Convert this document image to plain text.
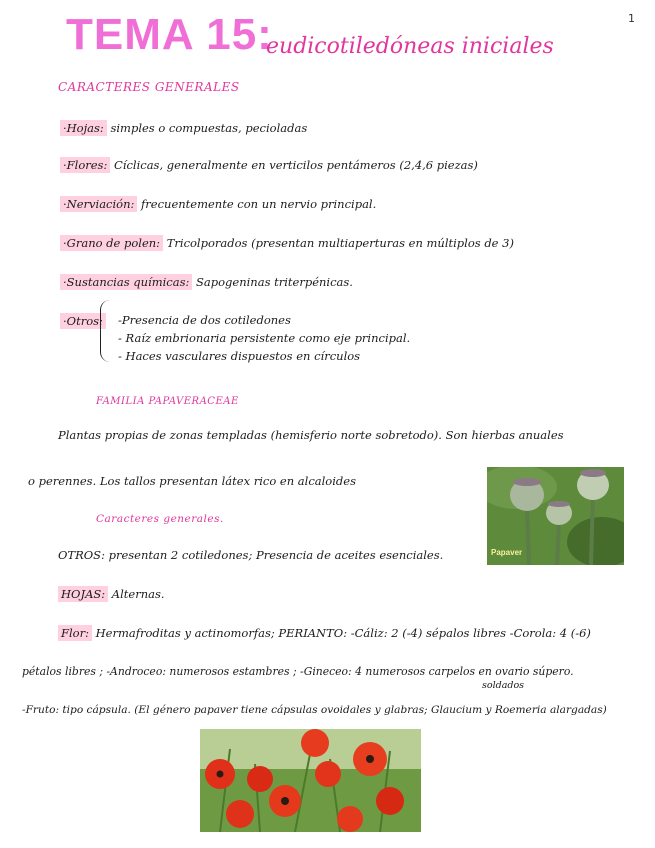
1
TEMA 15:
eudicotiledóneas iniciales
CARACTERES GENERALES
·Hojas: simples o compuestas, pecioladas
·Flores: Cíclicas, generalmente en verticilos pentámeros (2,4,6 piezas)
·Nerviación: frecuentemente con un nervio principal.
·Grano de polen: Tricolporados (presentan multiaperturas en múltiplos de 3)
·Sustancias químicas: Sapogeninas triterpénicas.
·Otros: -Presencia de dos cotiledones
- Raíz embrionaria persistente como eje principal.
- Haces vasculares dispuestos en círculos
FAMILIA PAPAVERACEAE
Plantas propias de zonas templadas (hemisferio norte sobretodo). Son hierbas anuales
o perennes. Los tallos presentan látex rico en alcaloides
Papaver
Caracteres generales.
OTROS: presentan 2 cotiledones; Presencia de aceites esenciales.
HOJAS: Alternas.
Flor: Hermafroditas y actinomorfas; PERIANTO: -Cáliz: 2 (-4) sépalos libres -Corola: 4 (-6)
pétalos libres ; -Androceo: numerosos estambres ; -Gineceo: 4 numerosos carpelos en ovario súpero.
soldados
-Fruto: tipo cápsula. (El género papaver tiene cápsulas ovoidales y glabras; Glaucium y Roemeria alargadas)
